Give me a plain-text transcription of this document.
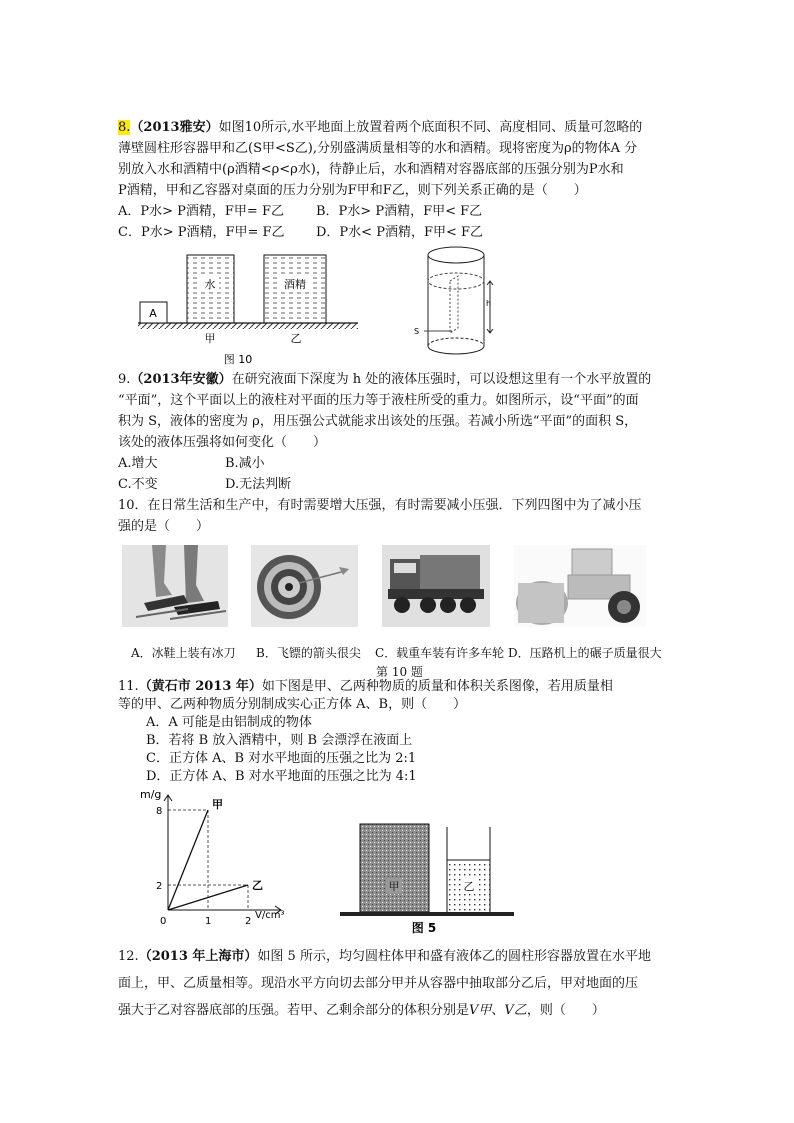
8.（2013雅安）如图10所示,水平地面上放置着两个底面积不同、高度相同、质量可忽略的
薄壁圆柱形容器甲和乙(S甲<S乙),分别盛满质量相等的水和酒精。现将密度为ρ的物体A 分
别放入水和酒精中(ρ酒精<ρ<ρ水)，待静止后，水和酒精对容器底部的压强分别为P水和
P酒精，甲和乙容器对桌面的压力分别为F甲和F乙，则下列关系正确的是（　　）
A．P水> P酒精，F甲= F乙 B．P水> P酒精，F甲< F乙
C．P水> P酒精，F甲= F乙 D．P水< P酒精，F甲< F乙
A
水	酒精
甲	乙
图 10
h
S
9.（2013年安徽）在研究液面下深度为 h 处的液体压强时，可以设想这里有一个水平放置的
“平面”，这个平面以上的液柱对平面的压力等于液柱所受的重力。如图所示，设“平面”的面
积为 S，液体的密度为 ρ，用压强公式就能求出该处的压强。若减小所选“平面”的面积 S，
该处的液体压强将如何变化（　　）
A.增大	B.减小
C.不变	D.无法判断
10．在日常生活和生产中，有时需要增大压强，有时需要减小压强．下列四图中为了减小压
强的是（　　）
A．冰鞋上装有冰刀 B．飞镖的箭头很尖 C．载重车装有许多车轮 D．压路机上的碾子质量很大
第 10 题
11.（黄石市 2013 年）如下图是甲、乙两种物质的质量和体积关系图像，若用质量相
等的甲、乙两种物质分别制成实心正方体 A、B，则（　　）
A．A 可能是由铝制成的物体
B．若将 B 放入酒精中，则 B 会漂浮在液面上
C．正方体 A、B 对水平地面的压强之比为 2:1
D．正方体 A、B 对水平地面的压强之比为 4:1
m/g
V/cm³
0	1	2
2
8
甲
乙	甲	乙
图 5
12.（2013 年上海市）如图 5 所示，均匀圆柱体甲和盛有液体乙的圆柱形容器放置在水平地
面上，甲、乙质量相等。现沿水平方向切去部分甲并从容器中抽取部分乙后，甲对地面的压
强大于乙对容器底部的压强。若甲、乙剩余部分的体积分别是V甲、V乙，则（　　）
